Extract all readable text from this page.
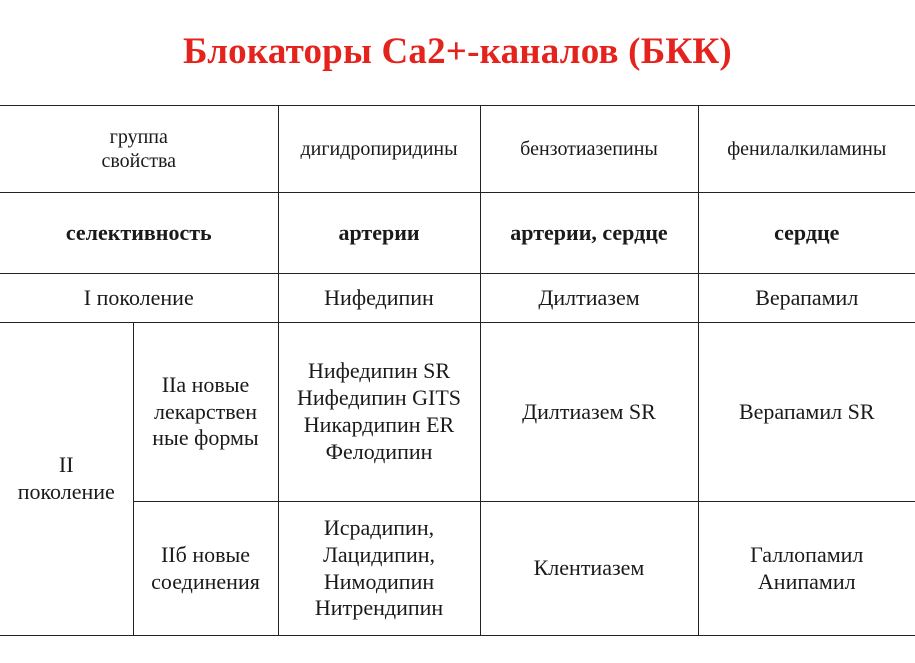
Блокаторы Са2+-каналов (БКК)
группа
свойства		дигидропиридины	бензотиазепины	фенилалкиламины
селективность		артерии	артерии, сердце	сердце
I поколение		Нифедипин	Дилтиазем	Верапамил

II
поколение	IIa новые
лекарствен
ные формы	Нифедипин SR
Нифедипин GITS
Никардипин ER
Фелодипин	Дилтиазем SR	Верапамил SR

	IIб новые
соединения	Исрадипин,
Лацидипин,
Нимодипин
Нитрендипин	Клентиазем	Галлопамил
Анипамил
